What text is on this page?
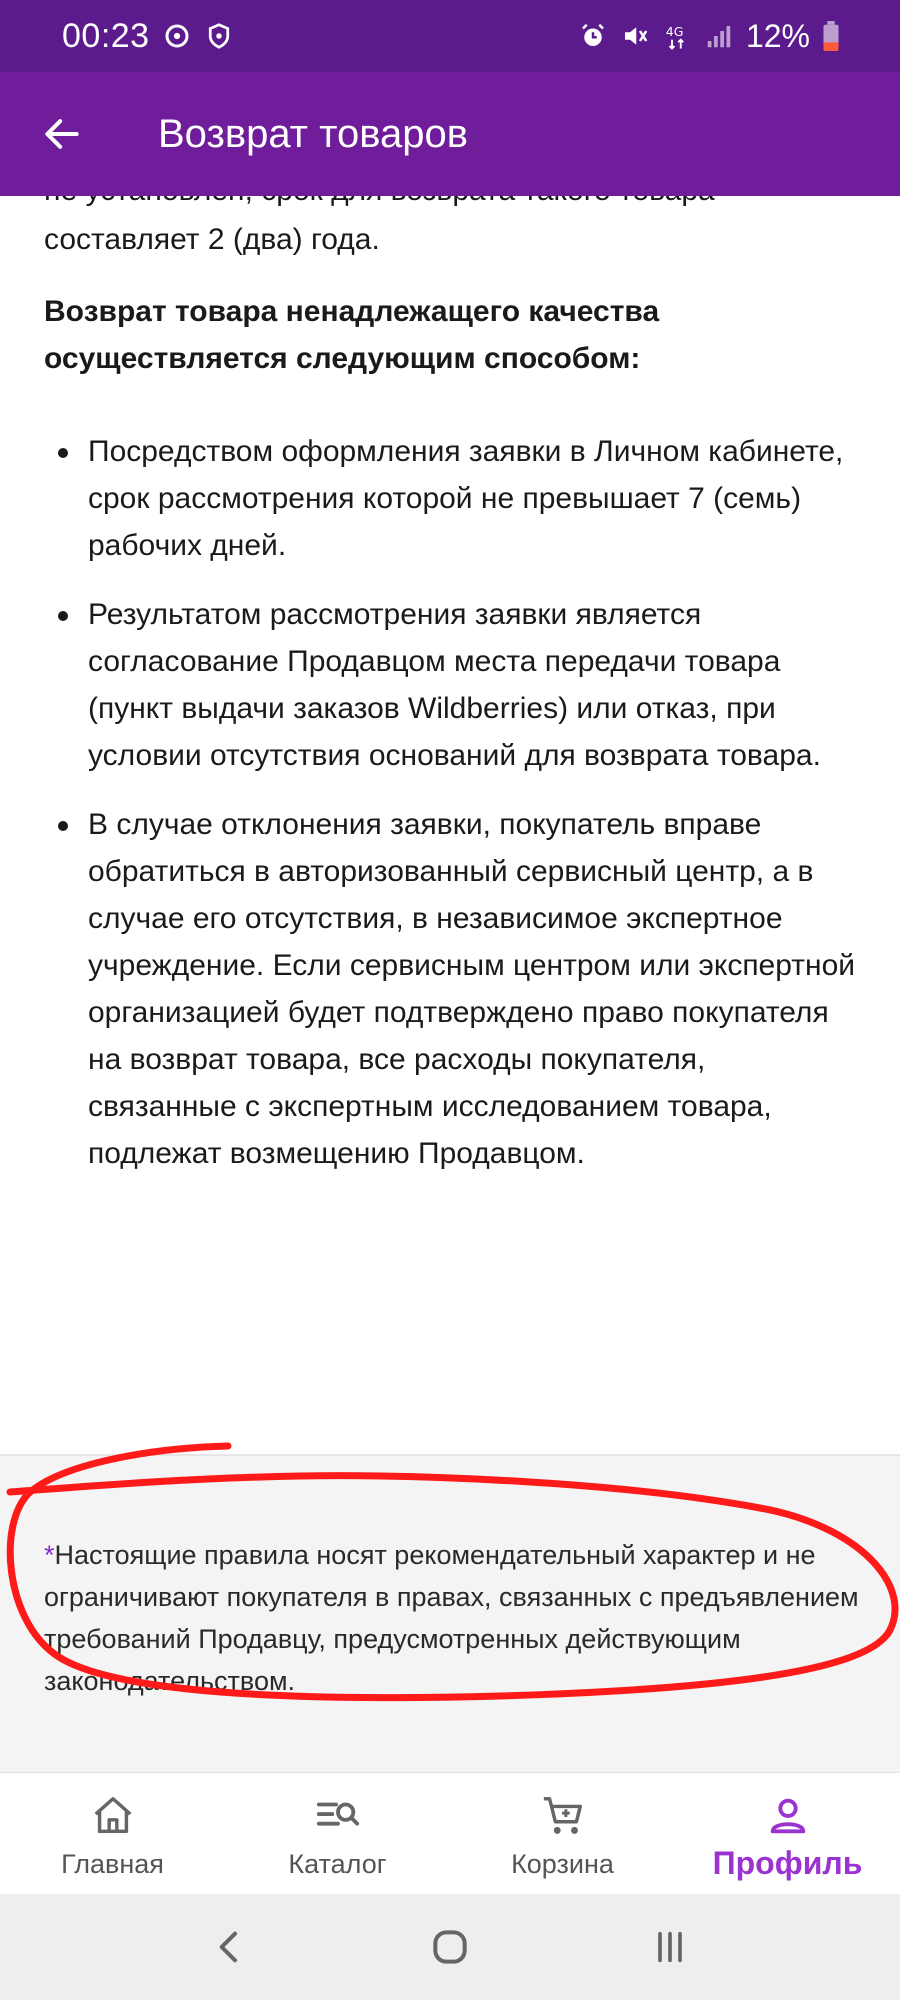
00:23	4G 12%
Возврат товаров
составляет 2 (два) года.
Возврат товара ненадлежащего качества осуществляется следующим способом:
Посредством оформления заявки в Личном кабинете, срок рассмотрения которой не превышает 7 (семь) рабочих дней.
Результатом рассмотрения заявки является согласование Продавцом места передачи товара (пункт выдачи заказов Wildberries) или отказ, при условии отсутствия оснований для возврата товара.
В случае отклонения заявки, покупатель вправе обратиться в авторизованный сервисный центр, а в случае его отсутствия, в независимое экспертное учреждение. Если сервисным центром или экспертной организацией будет подтверждено право покупателя на возврат товара, все расходы покупателя, связанные с экспертным исследованием товара, подлежат возмещению Продавцом.
*Настоящие правила носят рекомендательный характер и не ограничивают покупателя в правах, связанных с предъявлением требований Продавцу, предусмотренных действующим законодательством.
Главная	Каталог	Корзина	Профиль
